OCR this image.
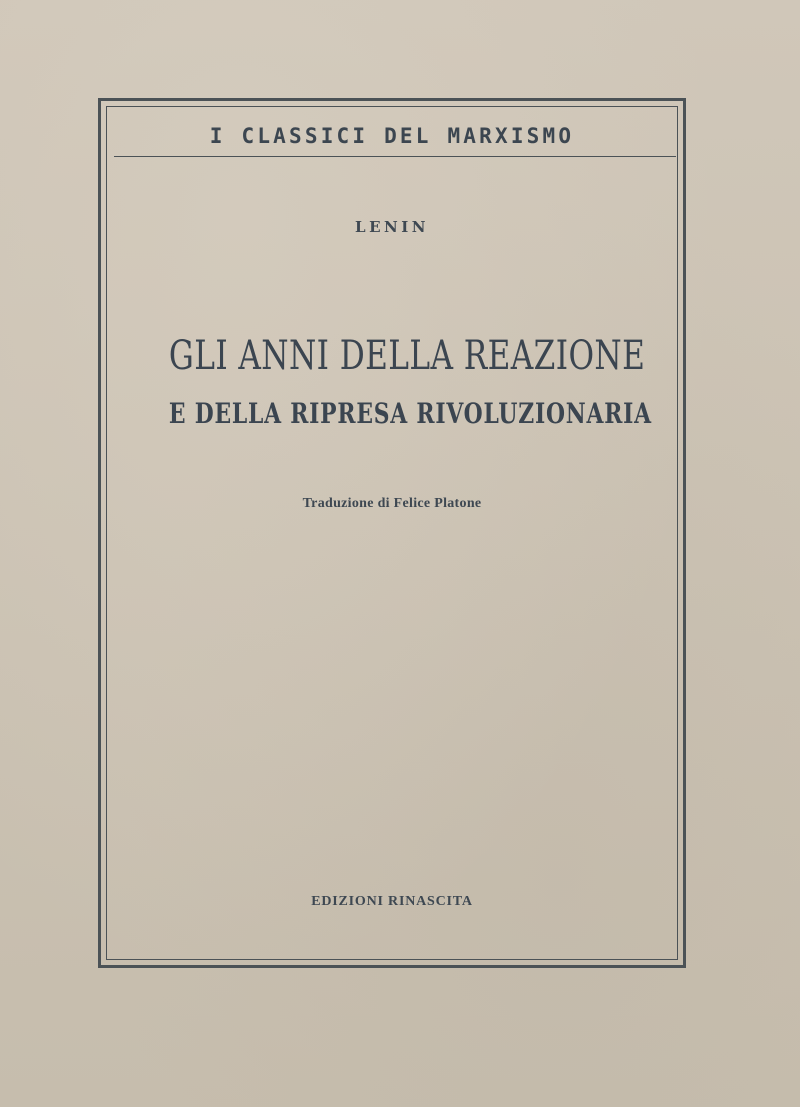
I CLASSICI DEL MARXISMO
LENIN
GLI ANNI DELLA REAZIONE
E DELLA RIPRESA RIVOLUZIONARIA
Traduzione di Felice Platone
EDIZIONI RINASCITA
